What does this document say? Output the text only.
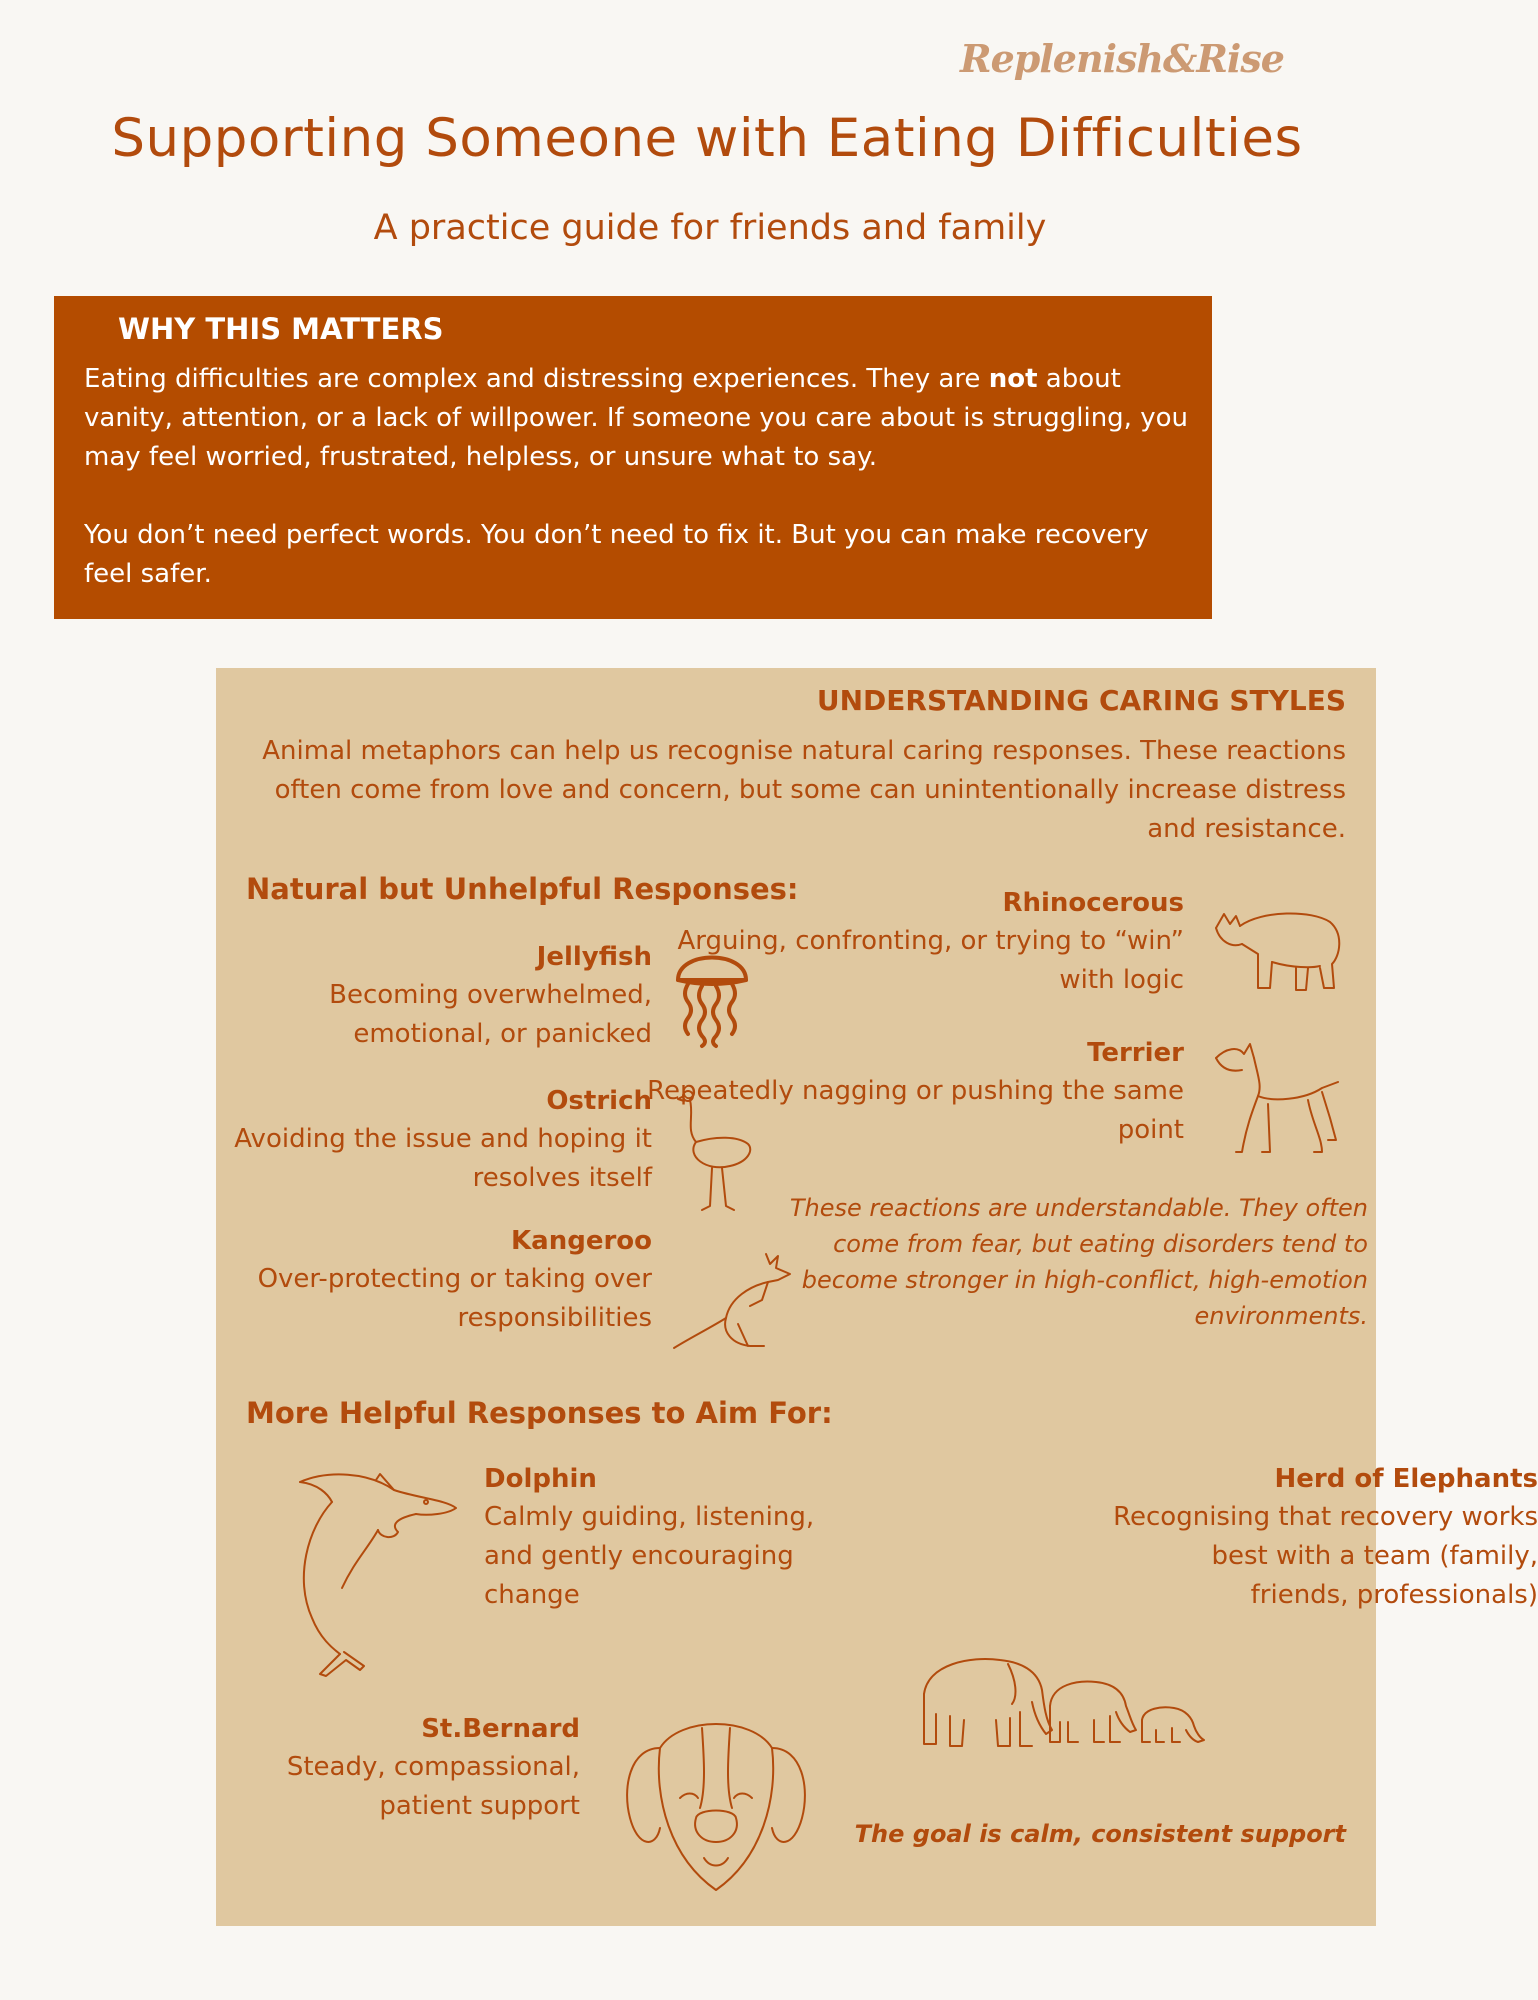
Replenish&Rise
Supporting Someone with Eating Difficulties
A practice guide for friends and family
WHY THIS MATTERS

Eating difficulties are complex and distressing experiences. They are not about vanity, attention, or a lack of willpower. If someone you care about is struggling, you may feel worried, frustrated, helpless, or unsure what to say.

You don’t need perfect words. You don’t need to fix it. But you can make recovery feel safer.

UNDERSTANDING CARING STYLES
Animal metaphors can help us recognise natural caring responses. These reactions often come from love and concern, but some can unintentionally increase distress and resistance.
Natural but Unhelpful Responses:
Jellyfish
Becoming overwhelmed, emotional, or panicked
Ostrich
Avoiding the issue and hoping it resolves itself
Kangeroo
Over-protecting or taking over responsibilities
Rhinocerous
Arguing, confronting, or trying to “win” with logic
Terrier
Repeatedly nagging or pushing the same point
These reactions are understandable. They often come from fear, but eating disorders tend to become stronger in high-conflict, high-emotion environments.
More Helpful Responses to Aim For:
Dolphin
Calmly guiding, listening, and gently encouraging change
Herd of Elephants
Recognising that recovery works best with a team (family, friends, professionals)
St.Bernard
Steady, compassional, patient support
The goal is calm, consistent support
